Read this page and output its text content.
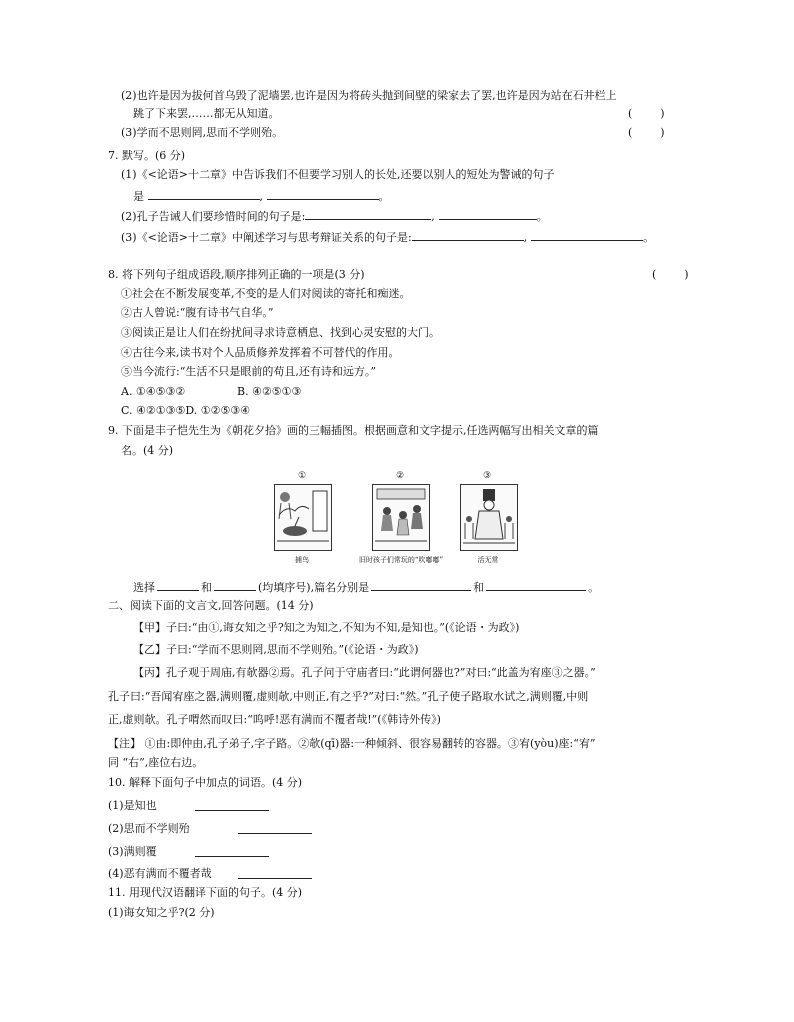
(2)也许是因为拔何首乌毁了泥墙罢,也许是因为将砖头抛到间壁的梁家去了罢,也许是因为站在石井栏上
跳了下来罢,……都无从知道。	(        )
(3)学而不思则罔,思而不学则殆。	(        )
7. 默写。(6 分)
(1)《<论语>十二章》中告诉我们不但要学习别人的长处,还要以别人的短处为警诫的句子
是	,	。
(2)孔子告诫人们要珍惜时间的句子是:	,	。
(3)《<论语>十二章》中阐述学习与思考辩证关系的句子是:	,	。
8. 将下列句子组成语段,顺序排列正确的一项是(3 分)	(        )
①社会在不断发展变革,不变的是人们对阅读的寄托和痴迷。
②古人曾说:“腹有诗书气自华。”
③阅读正是让人们在纷扰间寻求诗意栖息、找到心灵安慰的大门。
④古往今来,读书对个人品质修养发挥着不可替代的作用。
⑤当今流行:“生活不只是眼前的苟且,还有诗和远方。”
A. ①④⑤③②	B. ④②⑤①③
C. ④②①③⑤D. ①②⑤③④
9. 下面是丰子恺先生为《朝花夕拾》画的三幅插图。根据画意和文字提示,任选两幅写出相关文章的篇
名。(4 分)
①
捕鸟
②
旧时孩子们常玩的“吹嘟嘟”
③
活无常
选择	和	(均填序号),篇名分别是	和	。
二、阅读下面的文言文,回答问题。(14 分)
【甲】子曰:“由①,诲女知之乎?知之为知之,不知为不知,是知也。”(《论语・为政》)
【乙】子曰:“学而不思则罔,思而不学则殆。”(《论语・为政》)
【丙】孔子观于周庙,有欹器②焉。孔子问于守庙者曰:“此谓何器也?”对曰:“此盖为宥座③之器。”
孔子曰:“吾闻宥座之器,满则覆,虚则欹,中则正,有之乎?”对曰:“然。”孔子使子路取水试之,满则覆,中则
正,虚则欹。孔子喟然而叹曰:“呜呼!恶有满而不覆者哉!”(《韩诗外传》)
【注】 ①由:即仲由,孔子弟子,字子路。②欹(qī)器:一种倾斜、很容易翻转的容器。③宥(yòu)座:“宥”
同 “右”,座位右边。
10. 解释下面句子中加点的词语。(4 分)
(1)是知也
(2)思而不学则殆
(3)满则覆
(4)恶有满而不覆者哉
11. 用现代汉语翻译下面的句子。(4 分)
(1)诲女知之乎?(2 分)
